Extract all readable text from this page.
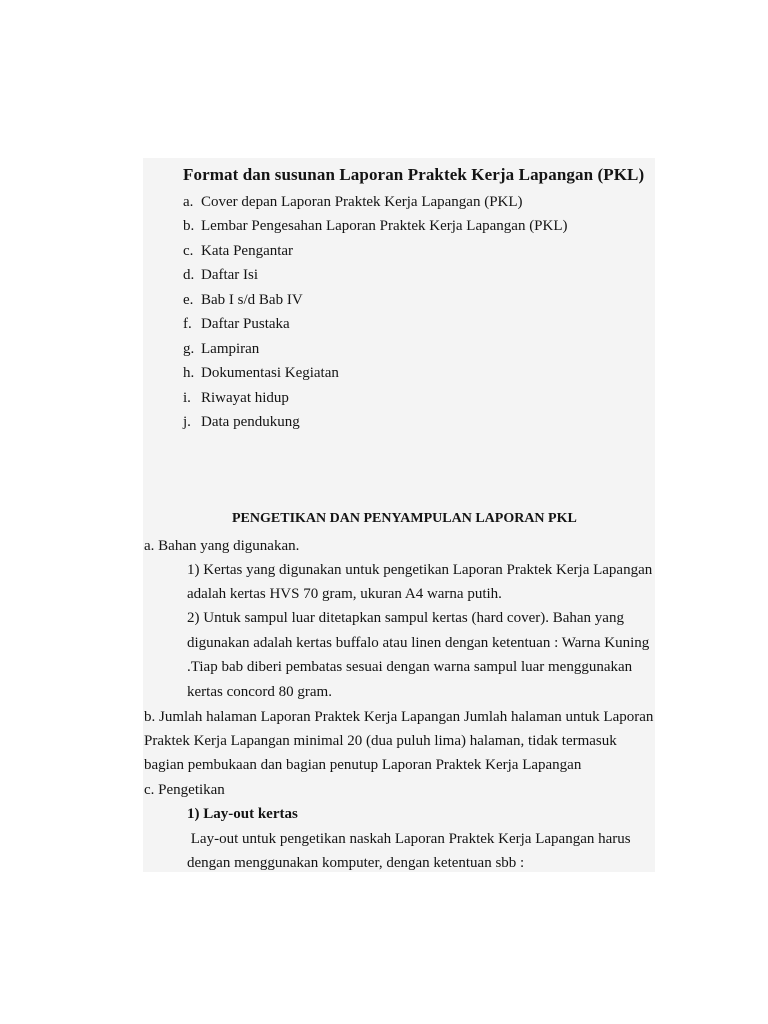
Format dan susunan Laporan Praktek Kerja Lapangan (PKL)
a. Cover depan Laporan Praktek Kerja Lapangan (PKL)
b. Lembar Pengesahan Laporan Praktek Kerja Lapangan (PKL)
c. Kata Pengantar
d. Daftar Isi
e. Bab I s/d Bab IV
f. Daftar Pustaka
g. Lampiran
h. Dokumentasi Kegiatan
i. Riwayat hidup
j. Data pendukung
PENGETIKAN DAN PENYAMPULAN LAPORAN PKL
a. Bahan yang digunakan.
1) Kertas yang digunakan untuk pengetikan Laporan Praktek Kerja Lapangan
adalah kertas HVS 70 gram, ukuran A4 warna putih.
2) Untuk sampul luar ditetapkan sampul kertas (hard cover). Bahan yang
digunakan adalah kertas buffalo atau linen dengan ketentuan : Warna Kuning
.Tiap bab diberi pembatas sesuai dengan warna sampul luar menggunakan
kertas concord 80 gram.
b. Jumlah halaman Laporan Praktek Kerja Lapangan Jumlah halaman untuk Laporan
Praktek Kerja Lapangan minimal 20 (dua puluh lima) halaman, tidak termasuk
bagian pembukaan dan bagian penutup Laporan Praktek Kerja Lapangan
c. Pengetikan
1) Lay-out kertas
Lay-out untuk pengetikan naskah Laporan Praktek Kerja Lapangan harus
dengan menggunakan komputer, dengan ketentuan sbb :
